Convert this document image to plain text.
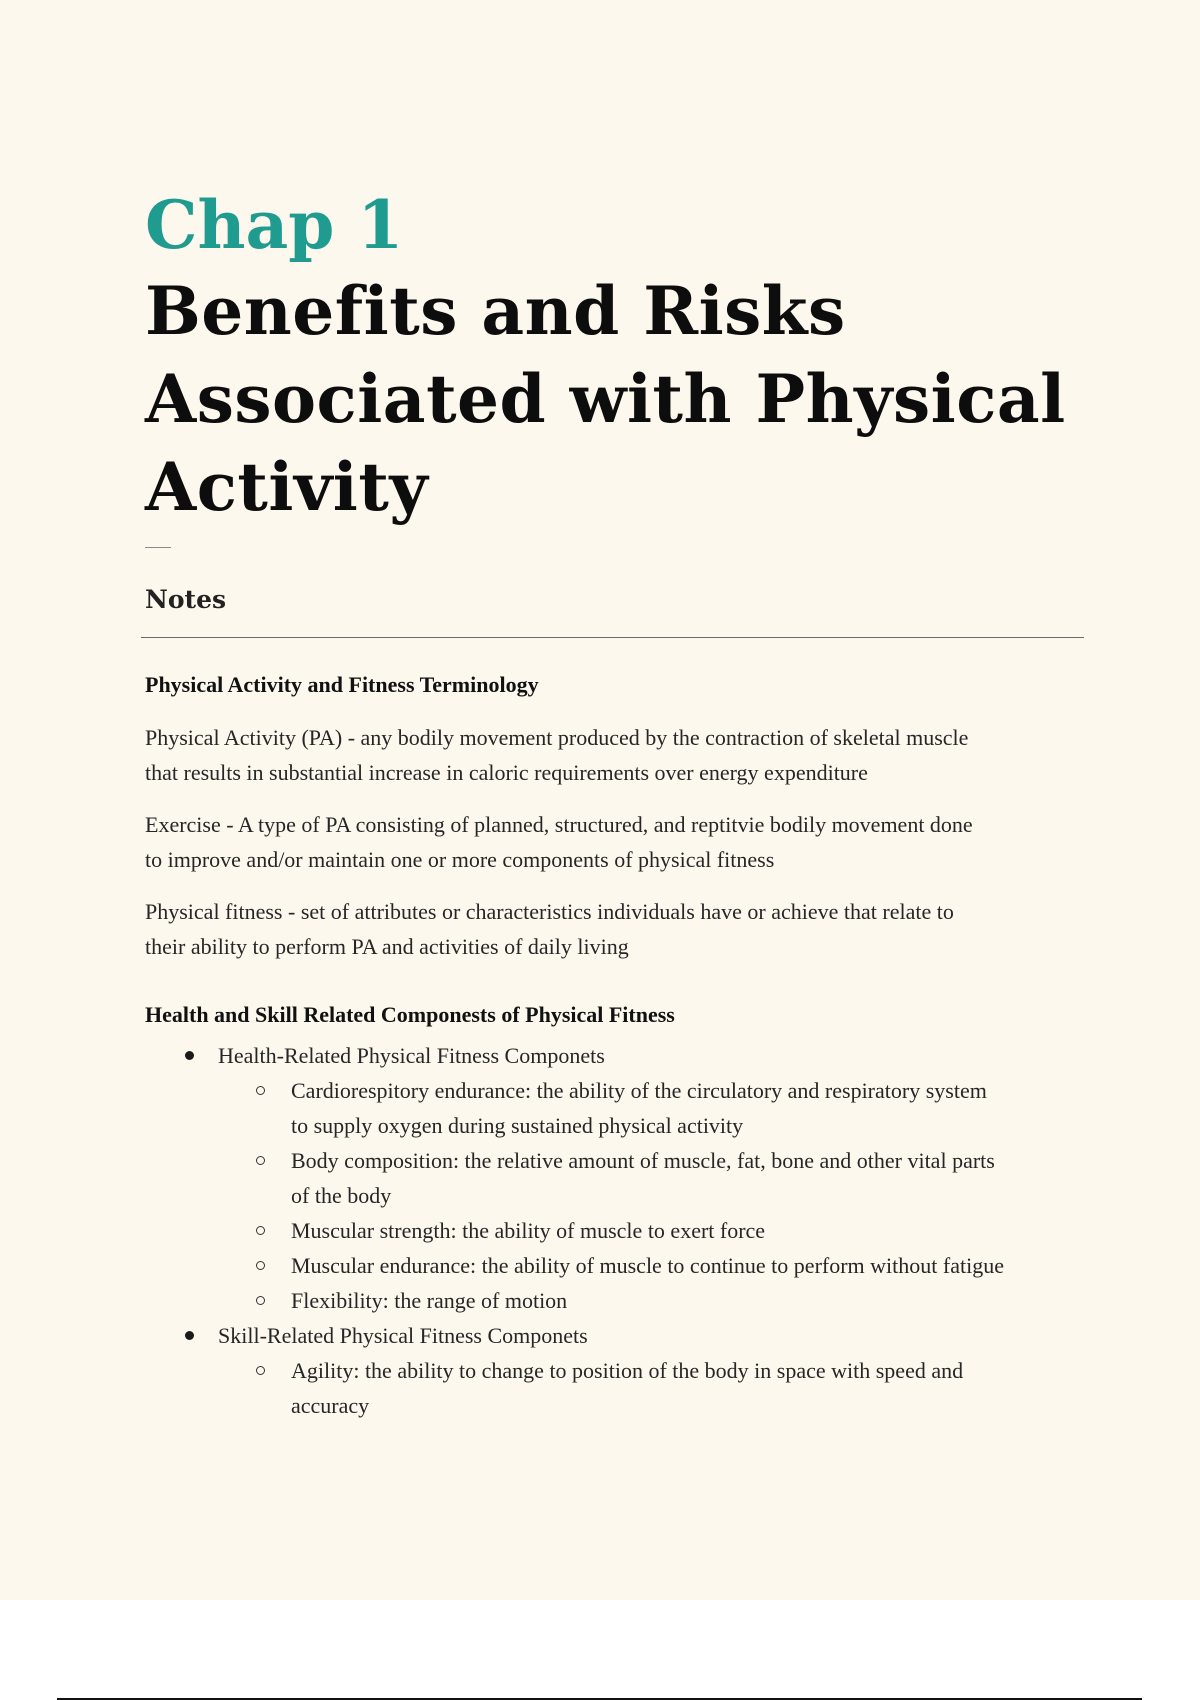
Chap 1
Benefits and Risks
Associated with Physical
Activity
Notes
Physical Activity and Fitness Terminology

Physical Activity (PA) - any bodily movement produced by the contraction of skeletal muscle
that results in substantial increase in caloric requirements over energy expenditure

Exercise - A type of PA consisting of planned, structured, and reptitvie bodily movement done
to improve and/or maintain one or more components of physical fitness

Physical fitness - set of attributes or characteristics individuals have or achieve that relate to
their ability to perform PA and activities of daily living

Health and Skill Related Componests of Physical Fitness
Health-Related Physical Fitness Componets
Cardiorespitory endurance: the ability of the circulatory and respiratory system
to supply oxygen during sustained physical activity
Body composition: the relative amount of muscle, fat, bone and other vital parts
of the body
Muscular strength: the ability of muscle to exert force
Muscular endurance: the ability of muscle to continue to perform without fatigue
Flexibility: the range of motion
Skill-Related Physical Fitness Componets
Agility: the ability to change to position of the body in space with speed and
accuracy
